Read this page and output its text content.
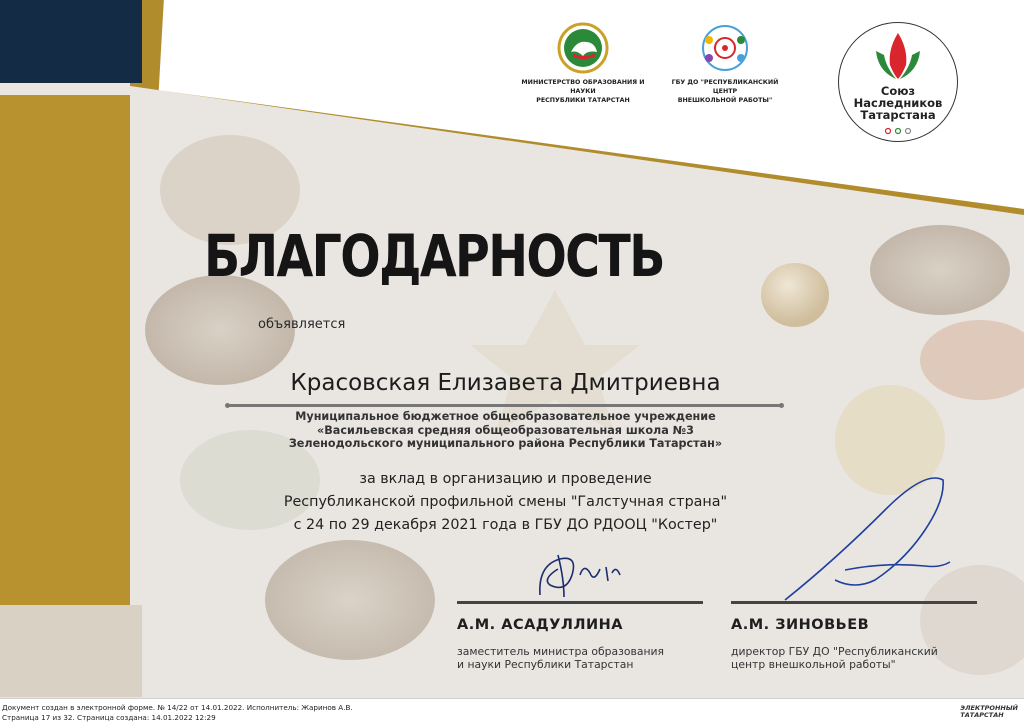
МИНИСТЕРСТВО ОБРАЗОВАНИЯ И НАУКИ
РЕСПУБЛИКИ ТАТАРСТАН
ГБУ ДО "РЕСПУБЛИКАНСКИЙ ЦЕНТР
ВНЕШКОЛЬНОЙ РАБОТЫ"
Союз
Наследников
Татарстана
БЛАГОДАРНОСТЬ
объявляется
Красовская Елизавета Дмитриевна
Муниципальное бюджетное общеобразовательное учреждение
«Васильевская средняя общеобразовательная школа №3
Зеленодольского муниципального района Республики Татарстан»
за вклад в организацию и проведение
Республиканской профильной смены "Галстучная страна"
с 24 по 29 декабря 2021 года в ГБУ ДО РДООЦ "Костер"
А.М. АСАДУЛЛИНА
заместитель министра образования
и науки Республики Татарстан
А.М. ЗИНОВЬЕВ
директор ГБУ ДО "Республиканский
центр внешкольной работы"
Документ создан в электронной форме. № 14/22 от 14.01.2022. Исполнитель: Жаринов А.В.
Страница 17 из 32. Страница создана: 14.01.2022 12:29
ЭЛЕКТРОННЫЙ
ТАТАРСТАН
